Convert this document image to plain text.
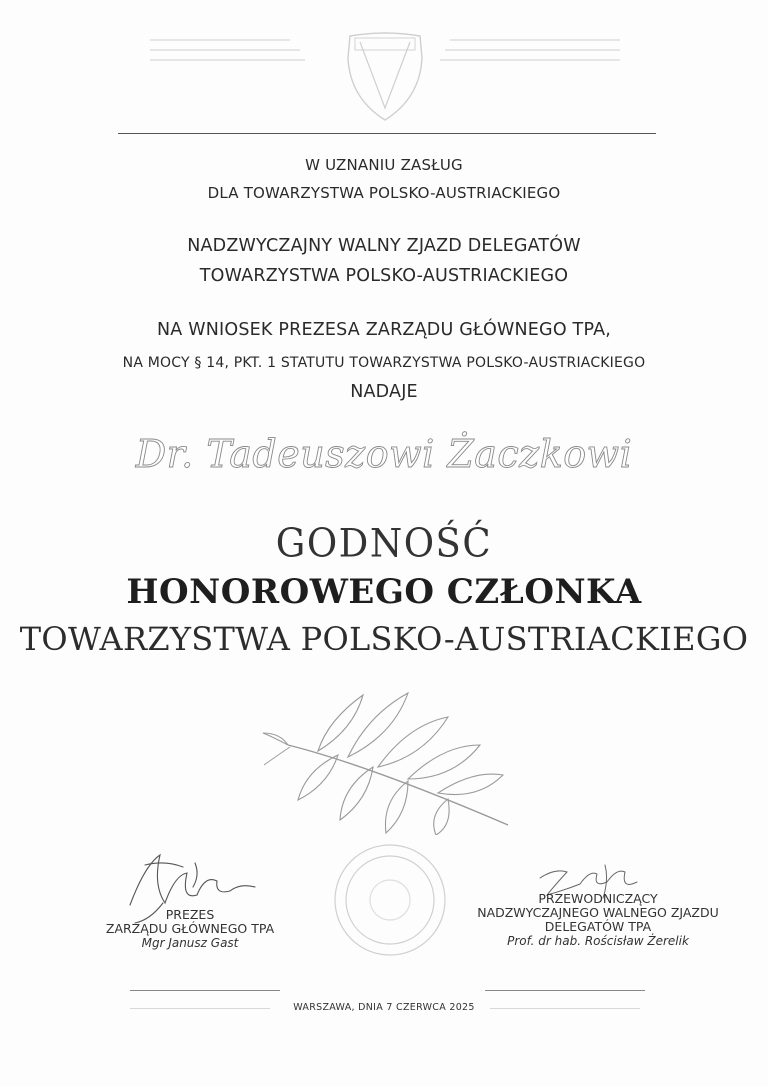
W UZNANIU ZASŁUG
DLA TOWARZYSTWA POLSKO-AUSTRIACKIEGO
NADZWYCZAJNY WALNY ZJAZD DELEGATÓW
TOWARZYSTWA POLSKO-AUSTRIACKIEGO
NA WNIOSEK PREZESA ZARZĄDU GŁÓWNEGO TPA,
NA MOCY § 14, PKT. 1 STATUTU TOWARZYSTWA POLSKO-AUSTRIACKIEGO
NADAJE
Dr. Tadeuszowi Żaczkowi
GODNOŚĆ
HONOROWEGO CZŁONKA
TOWARZYSTWA POLSKO-AUSTRIACKIEGO
PREZES
ZARZĄDU GŁÓWNEGO TPA
Mgr Janusz Gast
PRZEWODNICZĄCY
NADZWYCZAJNEGO WALNEGO ZJAZDU
DELEGATÓW TPA
Prof. dr hab. Rościsław Żerelik
WARSZAWA, DNIA 7 CZERWCA 2025
